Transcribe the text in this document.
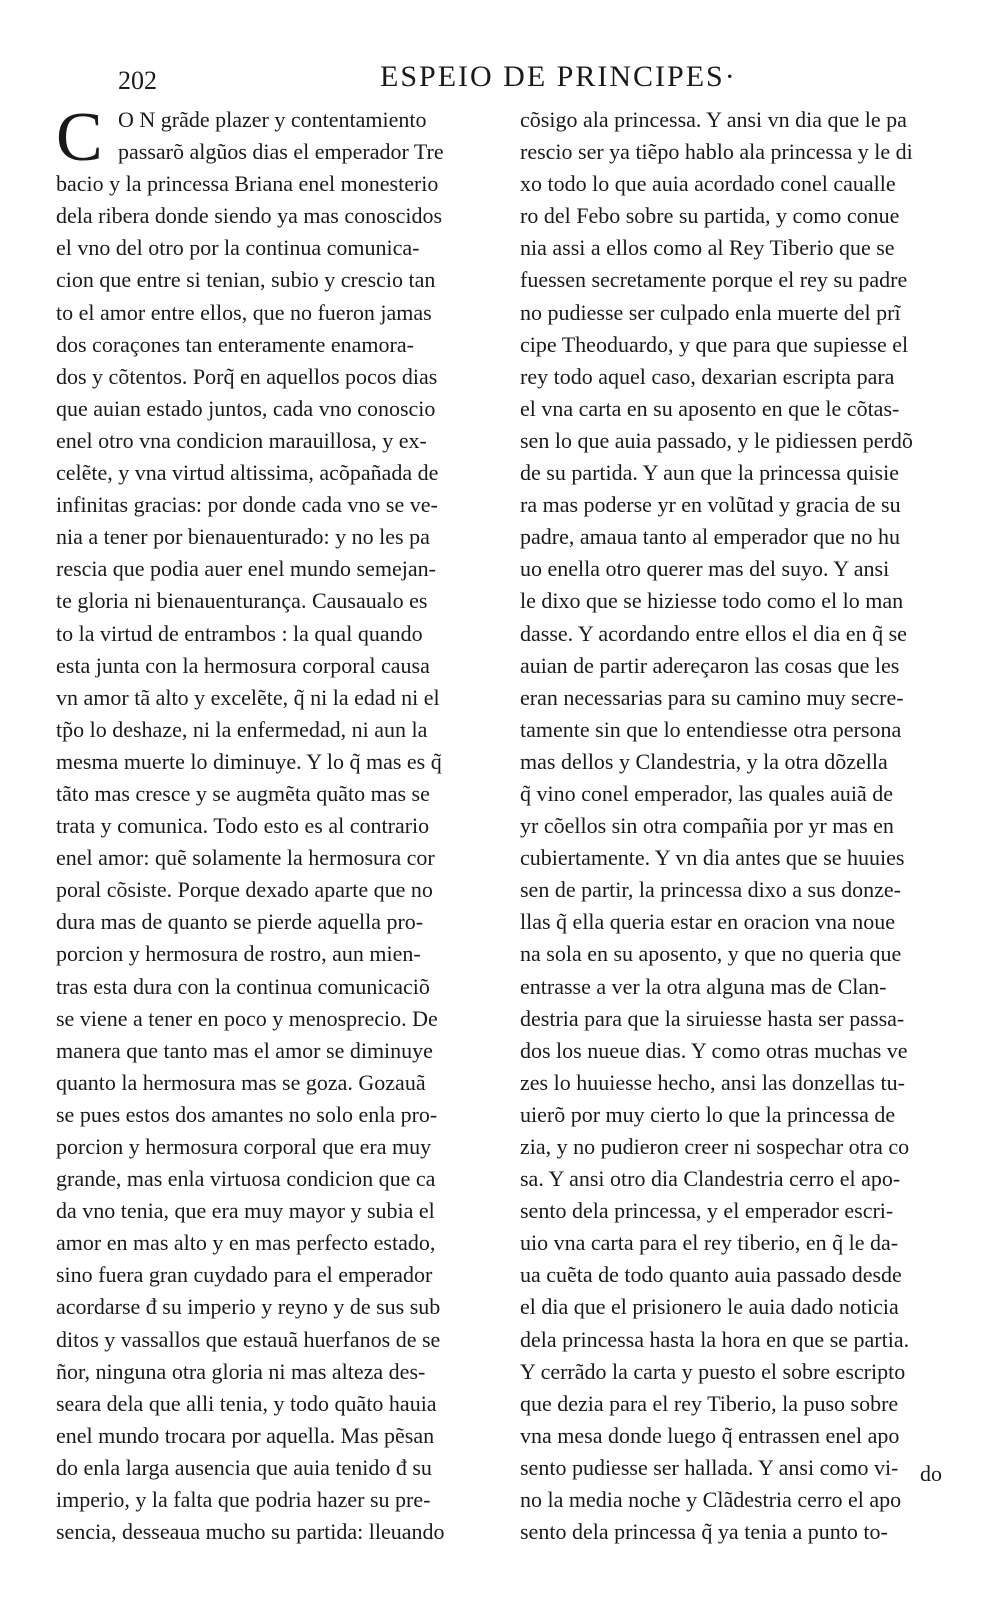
202	ESPEIO DE PRINCIPES·
C O N grãde plazer y contentamiento
passarõ algũos dias el emperador Tre
bacio y la princessa Briana enel monesterio
dela ribera donde siendo ya mas conoscidos
el vno del otro por la continua comunica-
cion que entre si tenian, subio y crescio tan
to el amor entre ellos, que no fueron jamas
dos coraçones tan enteramente enamora-
dos y cõtentos. Porq̃ en aquellos pocos dias
que auian estado juntos, cada vno conoscio
enel otro vna condicion marauillosa, y ex-
celẽte, y vna virtud altissima, acõpañada de
infinitas gracias: por donde cada vno se ve-
nia a tener por bienauenturado: y no les pa
rescia que podia auer enel mundo semejan-
te gloria ni bienauenturança. Causaualo es
to la virtud de entrambos : la qual quando
esta junta con la hermosura corporal causa
vn amor tã alto y excelẽte, q̃ ni la edad ni el
tp̃o lo deshaze, ni la enfermedad, ni aun la
mesma muerte lo diminuye. Y lo q̃ mas es q̃
tãto mas cresce y se augmẽta quãto mas se
trata y comunica. Todo esto es al contrario
enel amor: quẽ solamente la hermosura cor
poral cõsiste. Porque dexado aparte que no
dura mas de quanto se pierde aquella pro-
porcion y hermosura de rostro, aun mien-
tras esta dura con la continua comunicaciõ
se viene a tener en poco y menosprecio. De
manera que tanto mas el amor se diminuye
quanto la hermosura mas se goza. Gozauã
se pues estos dos amantes no solo enla pro-
porcion y hermosura corporal que era muy
grande, mas enla virtuosa condicion que ca
da vno tenia, que era muy mayor y subia el
amor en mas alto y en mas perfecto estado,
sino fuera gran cuydado para el emperador
acordarse đ su imperio y reyno y de sus sub
ditos y vassallos que estauã huerfanos de se
ñor, ninguna otra gloria ni mas alteza des-
seara dela que alli tenia, y todo quãto hauia
enel mundo trocara por aquella. Mas pẽsan
do enla larga ausencia que auia tenido đ su
imperio, y la falta que podria hazer su pre-
sencia, desseaua mucho su partida: lleuando
cõsigo ala princessa. Y ansi vn dia que le pa
rescio ser ya tiẽpo hablo ala princessa y le di
xo todo lo que auia acordado conel caualle
ro del Febo sobre su partida, y como conue
nia assi a ellos como al Rey Tiberio que se
fuessen secretamente porque el rey su padre
no pudiesse ser culpado enla muerte del prĩ
cipe Theoduardo, y que para que supiesse el
rey todo aquel caso, dexarian escripta para
el vna carta en su aposento en que le cõtas-
sen lo que auia passado, y le pidiessen perdõ
de su partida. Y aun que la princessa quisie
ra mas poderse yr en volũtad y gracia de su
padre, amaua tanto al emperador que no hu
uo enella otro querer mas del suyo. Y ansi
le dixo que se hiziesse todo como el lo man
dasse. Y acordando entre ellos el dia en q̃ se
auian de partir adereçaron las cosas que les
eran necessarias para su camino muy secre-
tamente sin que lo entendiesse otra persona
mas dellos y Clandestria, y la otra dõzella
q̃ vino conel emperador, las quales auiã de
yr cõellos sin otra compañia por yr mas en
cubiertamente. Y vn dia antes que se huuies
sen de partir, la princessa dixo a sus donze-
llas q̃ ella queria estar en oracion vna noue
na sola en su aposento, y que no queria que
entrasse a ver la otra alguna mas de Clan-
destria para que la siruiesse hasta ser passa-
dos los nueue dias. Y como otras muchas ve
zes lo huuiesse hecho, ansi las donzellas tu-
uierõ por muy cierto lo que la princessa de
zia, y no pudieron creer ni sospechar otra co
sa. Y ansi otro dia Clandestria cerro el apo-
sento dela princessa, y el emperador escri-
uio vna carta para el rey tiberio, en q̃ le da-
ua cuẽta de todo quanto auia passado desde
el dia que el prisionero le auia dado noticia
dela princessa hasta la hora en que se partia.
Y cerrãdo la carta y puesto el sobre escripto
que dezia para el rey Tiberio, la puso sobre
vna mesa donde luego q̃ entrassen enel apo
sento pudiesse ser hallada. Y ansi como vi-
no la media noche y Clãdestria cerro el apo
sento dela princessa q̃ ya tenia a punto to-
do
